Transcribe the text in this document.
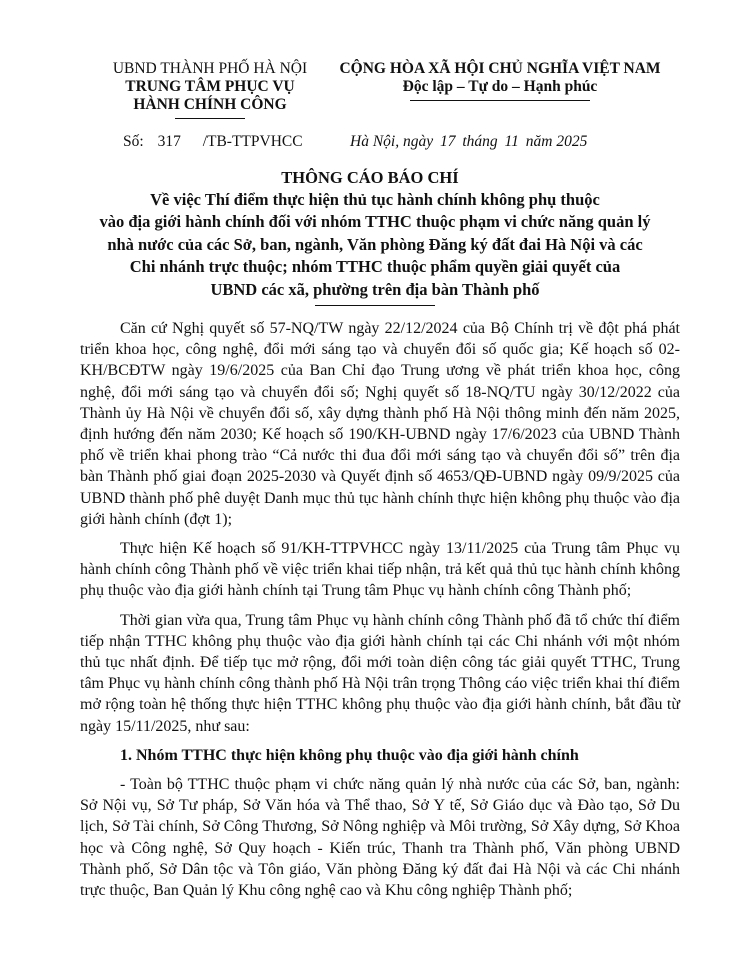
UBND THÀNH PHỐ HÀ NỘI
TRUNG TÂM PHỤC VỤ
HÀNH CHÍNH CÔNG
CỘNG HÒA XÃ HỘI CHỦ NGHĨA VIỆT NAM
Độc lập – Tự do – Hạnh phúc
Số: 317 /TB-TTPVHCC	Hà Nội, ngày 17 tháng 11 năm 2025
THÔNG CÁO BÁO CHÍ
Về việc Thí điểm thực hiện thủ tục hành chính không phụ thuộc
vào địa giới hành chính đối với nhóm TTHC thuộc phạm vi chức năng quản lý
nhà nước của các Sở, ban, ngành, Văn phòng Đăng ký đất đai Hà Nội và các
Chi nhánh trực thuộc; nhóm TTHC thuộc phẩm quyền giải quyết của
UBND các xã, phường trên địa bàn Thành phố

Căn cứ Nghị quyết số 57-NQ/TW ngày 22/12/2024 của Bộ Chính trị về đột phá phát triển khoa học, công nghệ, đổi mới sáng tạo và chuyển đổi số quốc gia; Kế hoạch số 02-KH/BCĐTW ngày 19/6/2025 của Ban Chỉ đạo Trung ương về phát triển khoa học, công nghệ, đổi mới sáng tạo và chuyển đổi số; Nghị quyết số 18-NQ/TU ngày 30/12/2022 của Thành ủy Hà Nội về chuyển đổi số, xây dựng thành phố Hà Nội thông minh đến năm 2025, định hướng đến năm 2030; Kế hoạch số 190/KH-UBND ngày 17/6/2023 của UBND Thành phố về triển khai phong trào “Cả nước thi đua đổi mới sáng tạo và chuyển đổi số” trên địa bàn Thành phố giai đoạn 2025-2030 và Quyết định số 4653/QĐ-UBND ngày 09/9/2025 của UBND thành phố phê duyệt Danh mục thủ tục hành chính thực hiện không phụ thuộc vào địa giới hành chính (đợt 1);

Thực hiện Kế hoạch số 91/KH-TTPVHCC ngày 13/11/2025 của Trung tâm Phục vụ hành chính công Thành phố về việc triển khai tiếp nhận, trả kết quả thủ tục hành chính không phụ thuộc vào địa giới hành chính tại Trung tâm Phục vụ hành chính công Thành phố;

Thời gian vừa qua, Trung tâm Phục vụ hành chính công Thành phố đã tổ chức thí điểm tiếp nhận TTHC không phụ thuộc vào địa giới hành chính tại các Chi nhánh với một nhóm thủ tục nhất định. Để tiếp tục mở rộng, đổi mới toàn diện công tác giải quyết TTHC, Trung tâm Phục vụ hành chính công thành phố Hà Nội trân trọng Thông cáo việc triển khai thí điểm mở rộng toàn hệ thống thực hiện TTHC không phụ thuộc vào địa giới hành chính, bắt đầu từ ngày 15/11/2025, như sau:

1. Nhóm TTHC thực hiện không phụ thuộc vào địa giới hành chính

- Toàn bộ TTHC thuộc phạm vi chức năng quản lý nhà nước của các Sở, ban, ngành: Sở Nội vụ, Sở Tư pháp, Sở Văn hóa và Thể thao, Sở Y tế, Sở Giáo dục và Đào tạo, Sở Du lịch, Sở Tài chính, Sở Công Thương, Sở Nông nghiệp và Môi trường, Sở Xây dựng, Sở Khoa học và Công nghệ, Sở Quy hoạch - Kiến trúc, Thanh tra Thành phố, Văn phòng UBND Thành phố, Sở Dân tộc và Tôn giáo, Văn phòng Đăng ký đất đai Hà Nội và các Chi nhánh trực thuộc, Ban Quản lý Khu công nghệ cao và Khu công nghiệp Thành phố;
